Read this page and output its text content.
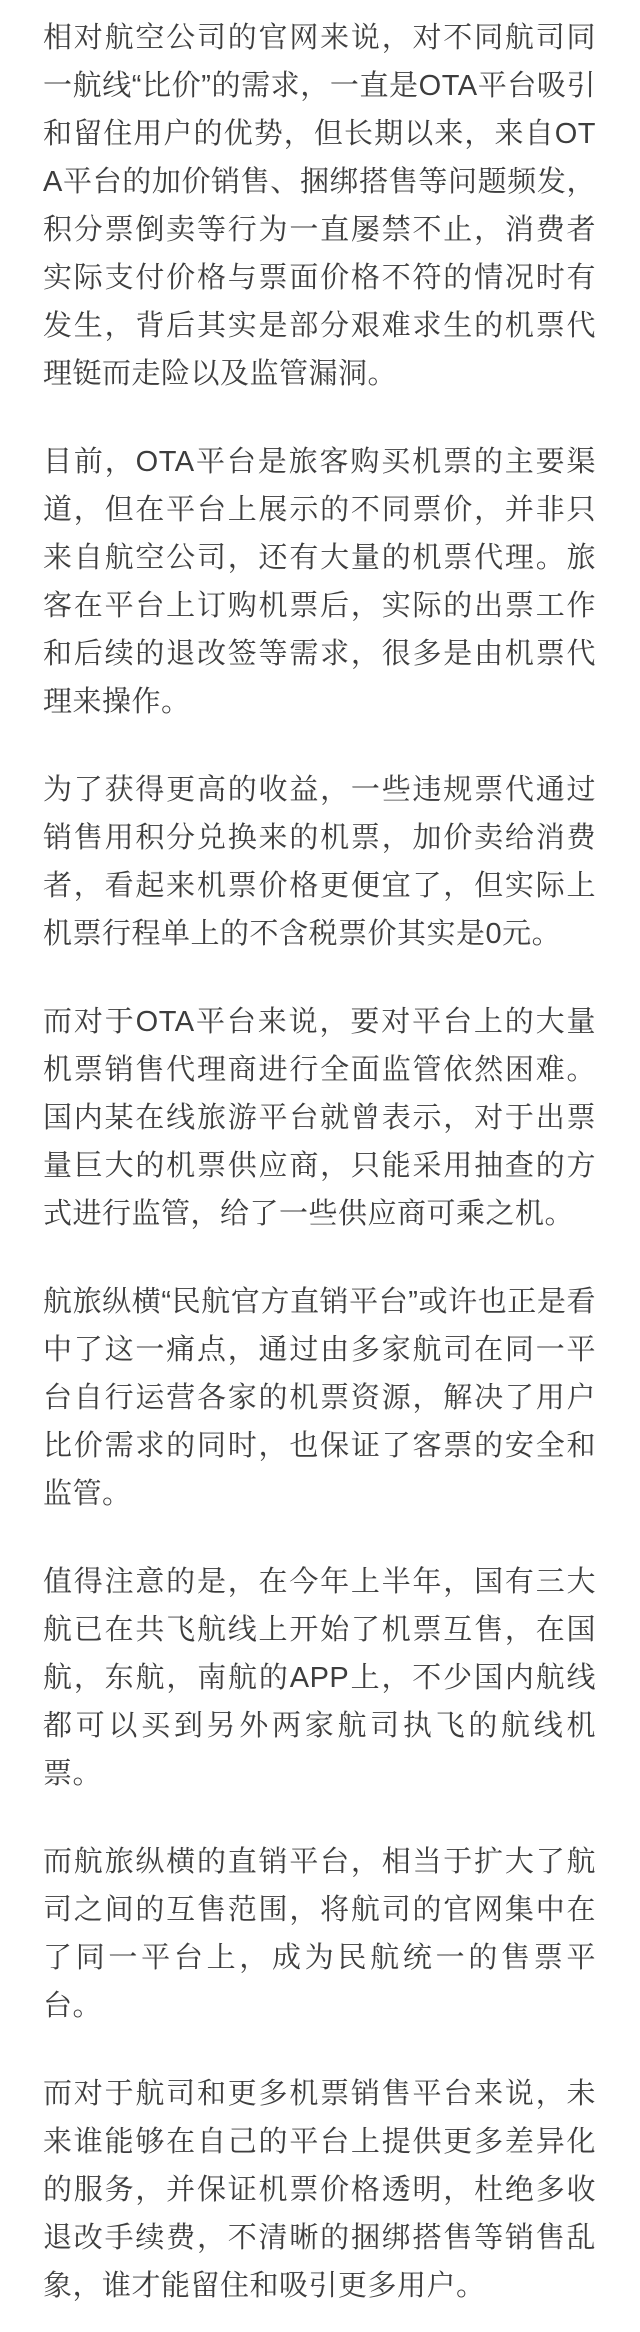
相对航空公司的官网来说，对不同航司同一航线“比价”的需求，一直是OTA平台吸引和留住用户的优势，但长期以来，来自OTA平台的加价销售、捆绑搭售等问题频发，积分票倒卖等行为一直屡禁不止，消费者实际支付价格与票面价格不符的情况时有发生，背后其实是部分艰难求生的机票代理铤而走险以及监管漏洞。

目前，OTA平台是旅客购买机票的主要渠道，但在平台上展示的不同票价，并非只来自航空公司，还有大量的机票代理。旅客在平台上订购机票后，实际的出票工作和后续的退改签等需求，很多是由机票代理来操作。

为了获得更高的收益，一些违规票代通过销售用积分兑换来的机票，加价卖给消费者，看起来机票价格更便宜了，但实际上机票行程单上的不含税票价其实是0元。

而对于OTA平台来说，要对平台上的大量机票销售代理商进行全面监管依然困难。国内某在线旅游平台就曾表示，对于出票量巨大的机票供应商，只能采用抽查的方式进行监管，给了一些供应商可乘之机。

航旅纵横“民航官方直销平台”或许也正是看中了这一痛点，通过由多家航司在同一平台自行运营各家的机票资源，解决了用户比价需求的同时，也保证了客票的安全和监管。

值得注意的是，在今年上半年，国有三大航已在共飞航线上开始了机票互售，在国航，东航，南航的APP上，不少国内航线都可以买到另外两家航司执飞的航线机票。

而航旅纵横的直销平台，相当于扩大了航司之间的互售范围，将航司的官网集中在了同一平台上，成为民航统一的售票平台。

而对于航司和更多机票销售平台来说，未来谁能够在自己的平台上提供更多差异化的服务，并保证机票价格透明，杜绝多收退改手续费，不清晰的捆绑搭售等销售乱象，谁才能留住和吸引更多用户。
